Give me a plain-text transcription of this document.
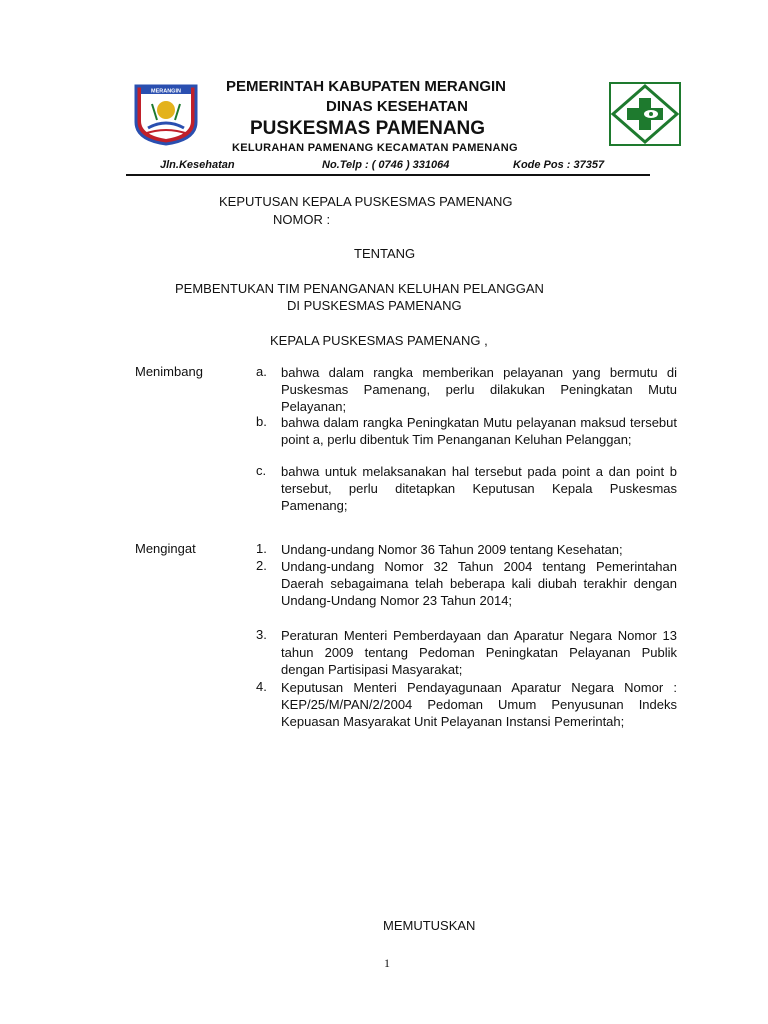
MERANGIN	PEMERINTAH KABUPATEN MERANGIN
DINAS KESEHATAN
PUSKESMAS PAMENANG
KELURAHAN PAMENANG KECAMATAN PAMENANG
Jln.Kesehatan	No.Telp : ( 0746 ) 331064	Kode Pos : 37357
KEPUTUSAN KEPALA PUSKESMAS PAMENANG
NOMOR :
TENTANG
PEMBENTUKAN TIM PENANGANAN KELUHAN PELANGGAN
DI PUSKESMAS PAMENANG
KEPALA PUSKESMAS PAMENANG ,
Menimbang	a. bahwa dalam rangka memberikan pelayanan yang bermutu di Puskesmas Pamenang, perlu dilakukan Peningkatan Mutu Pelayanan;
b. bahwa dalam rangka Peningkatan Mutu pelayanan maksud tersebut point a, perlu dibentuk Tim Penanganan Keluhan Pelanggan;
c. bahwa untuk melaksanakan hal tersebut pada point a dan point b tersebut, perlu ditetapkan Keputusan Kepala Puskesmas Pamenang;
Mengingat	1. Undang-undang Nomor 36 Tahun 2009 tentang Kesehatan;
2. Undang-undang Nomor 32 Tahun 2004 tentang Pemerintahan Daerah sebagaimana telah beberapa kali diubah terakhir dengan Undang-Undang Nomor 23 Tahun 2014;
3. Peraturan Menteri Pemberdayaan dan Aparatur Negara Nomor 13 tahun 2009 tentang Pedoman Peningkatan Pelayanan Publik dengan Partisipasi Masyarakat;
4. Keputusan Menteri Pendayagunaan Aparatur Negara Nomor : KEP/25/M/PAN/2/2004 Pedoman Umum Penyusunan Indeks Kepuasan Masyarakat Unit Pelayanan Instansi Pemerintah;
MEMUTUSKAN
1
